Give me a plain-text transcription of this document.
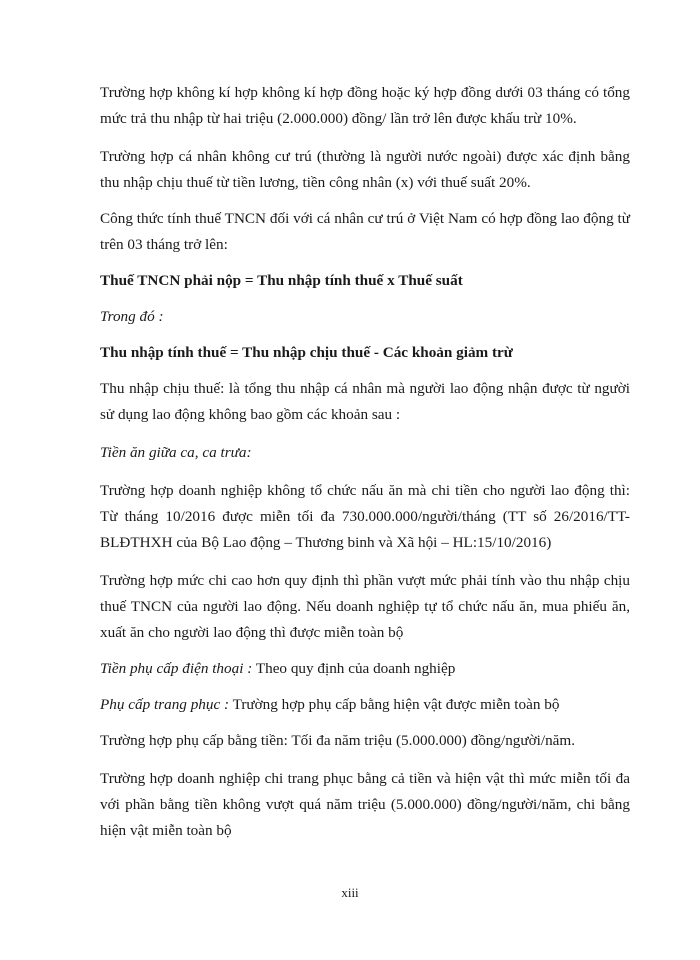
Trường hợp không kí hợp không kí hợp đồng hoặc ký hợp đồng dưới 03 tháng có tổng mức trả thu nhập từ hai triệu (2.000.000) đồng/ lần trở lên được khấu trừ 10%.

Trường hợp cá nhân không cư trú (thường là người nước ngoài) được xác định bằng thu nhập chịu thuế từ tiền lương, tiền công nhân (x) với thuế suất 20%.

Công thức tính thuế TNCN đối với cá nhân cư trú ở Việt Nam có hợp đồng lao động từ trên 03 tháng trở lên:

Thuế TNCN phải nộp = Thu nhập tính thuế x Thuế suất

Trong đó :

Thu nhập tính thuế = Thu nhập chịu thuế - Các khoản giảm trừ

Thu nhập chịu thuế: là tổng thu nhập cá nhân mà người lao động nhận được từ người sử dụng lao động không bao gồm các khoản sau :

Tiền ăn giữa ca, ca trưa:

Trường hợp doanh nghiệp không tổ chức nấu ăn mà chi tiền cho người lao động thì: Từ tháng 10/2016 được miễn tối đa 730.000.000/người/tháng (TT số 26/2016/TT-BLĐTHXH của Bộ Lao động – Thương binh và Xã hội – HL:15/10/2016)

Trường hợp mức chi cao hơn quy định thì phần vượt mức phải tính vào thu nhập chịu thuế TNCN của người lao động. Nếu doanh nghiệp tự tổ chức nấu ăn, mua phiếu ăn, xuất ăn cho người lao động thì được miễn toàn bộ

Tiền phụ cấp điện thoại : Theo quy định của doanh nghiệp

Phụ cấp trang phục : Trường hợp phụ cấp bằng hiện vật được miễn toàn bộ

Trường hợp phụ cấp bằng tiền: Tối đa năm triệu (5.000.000) đồng/người/năm.

Trường hợp doanh nghiệp chi trang phục bằng cả tiền và hiện vật thì mức miễn tối đa với phần bằng tiền không vượt quá năm triệu (5.000.000) đồng/người/năm, chi bằng hiện vật miễn toàn bộ

xiii
